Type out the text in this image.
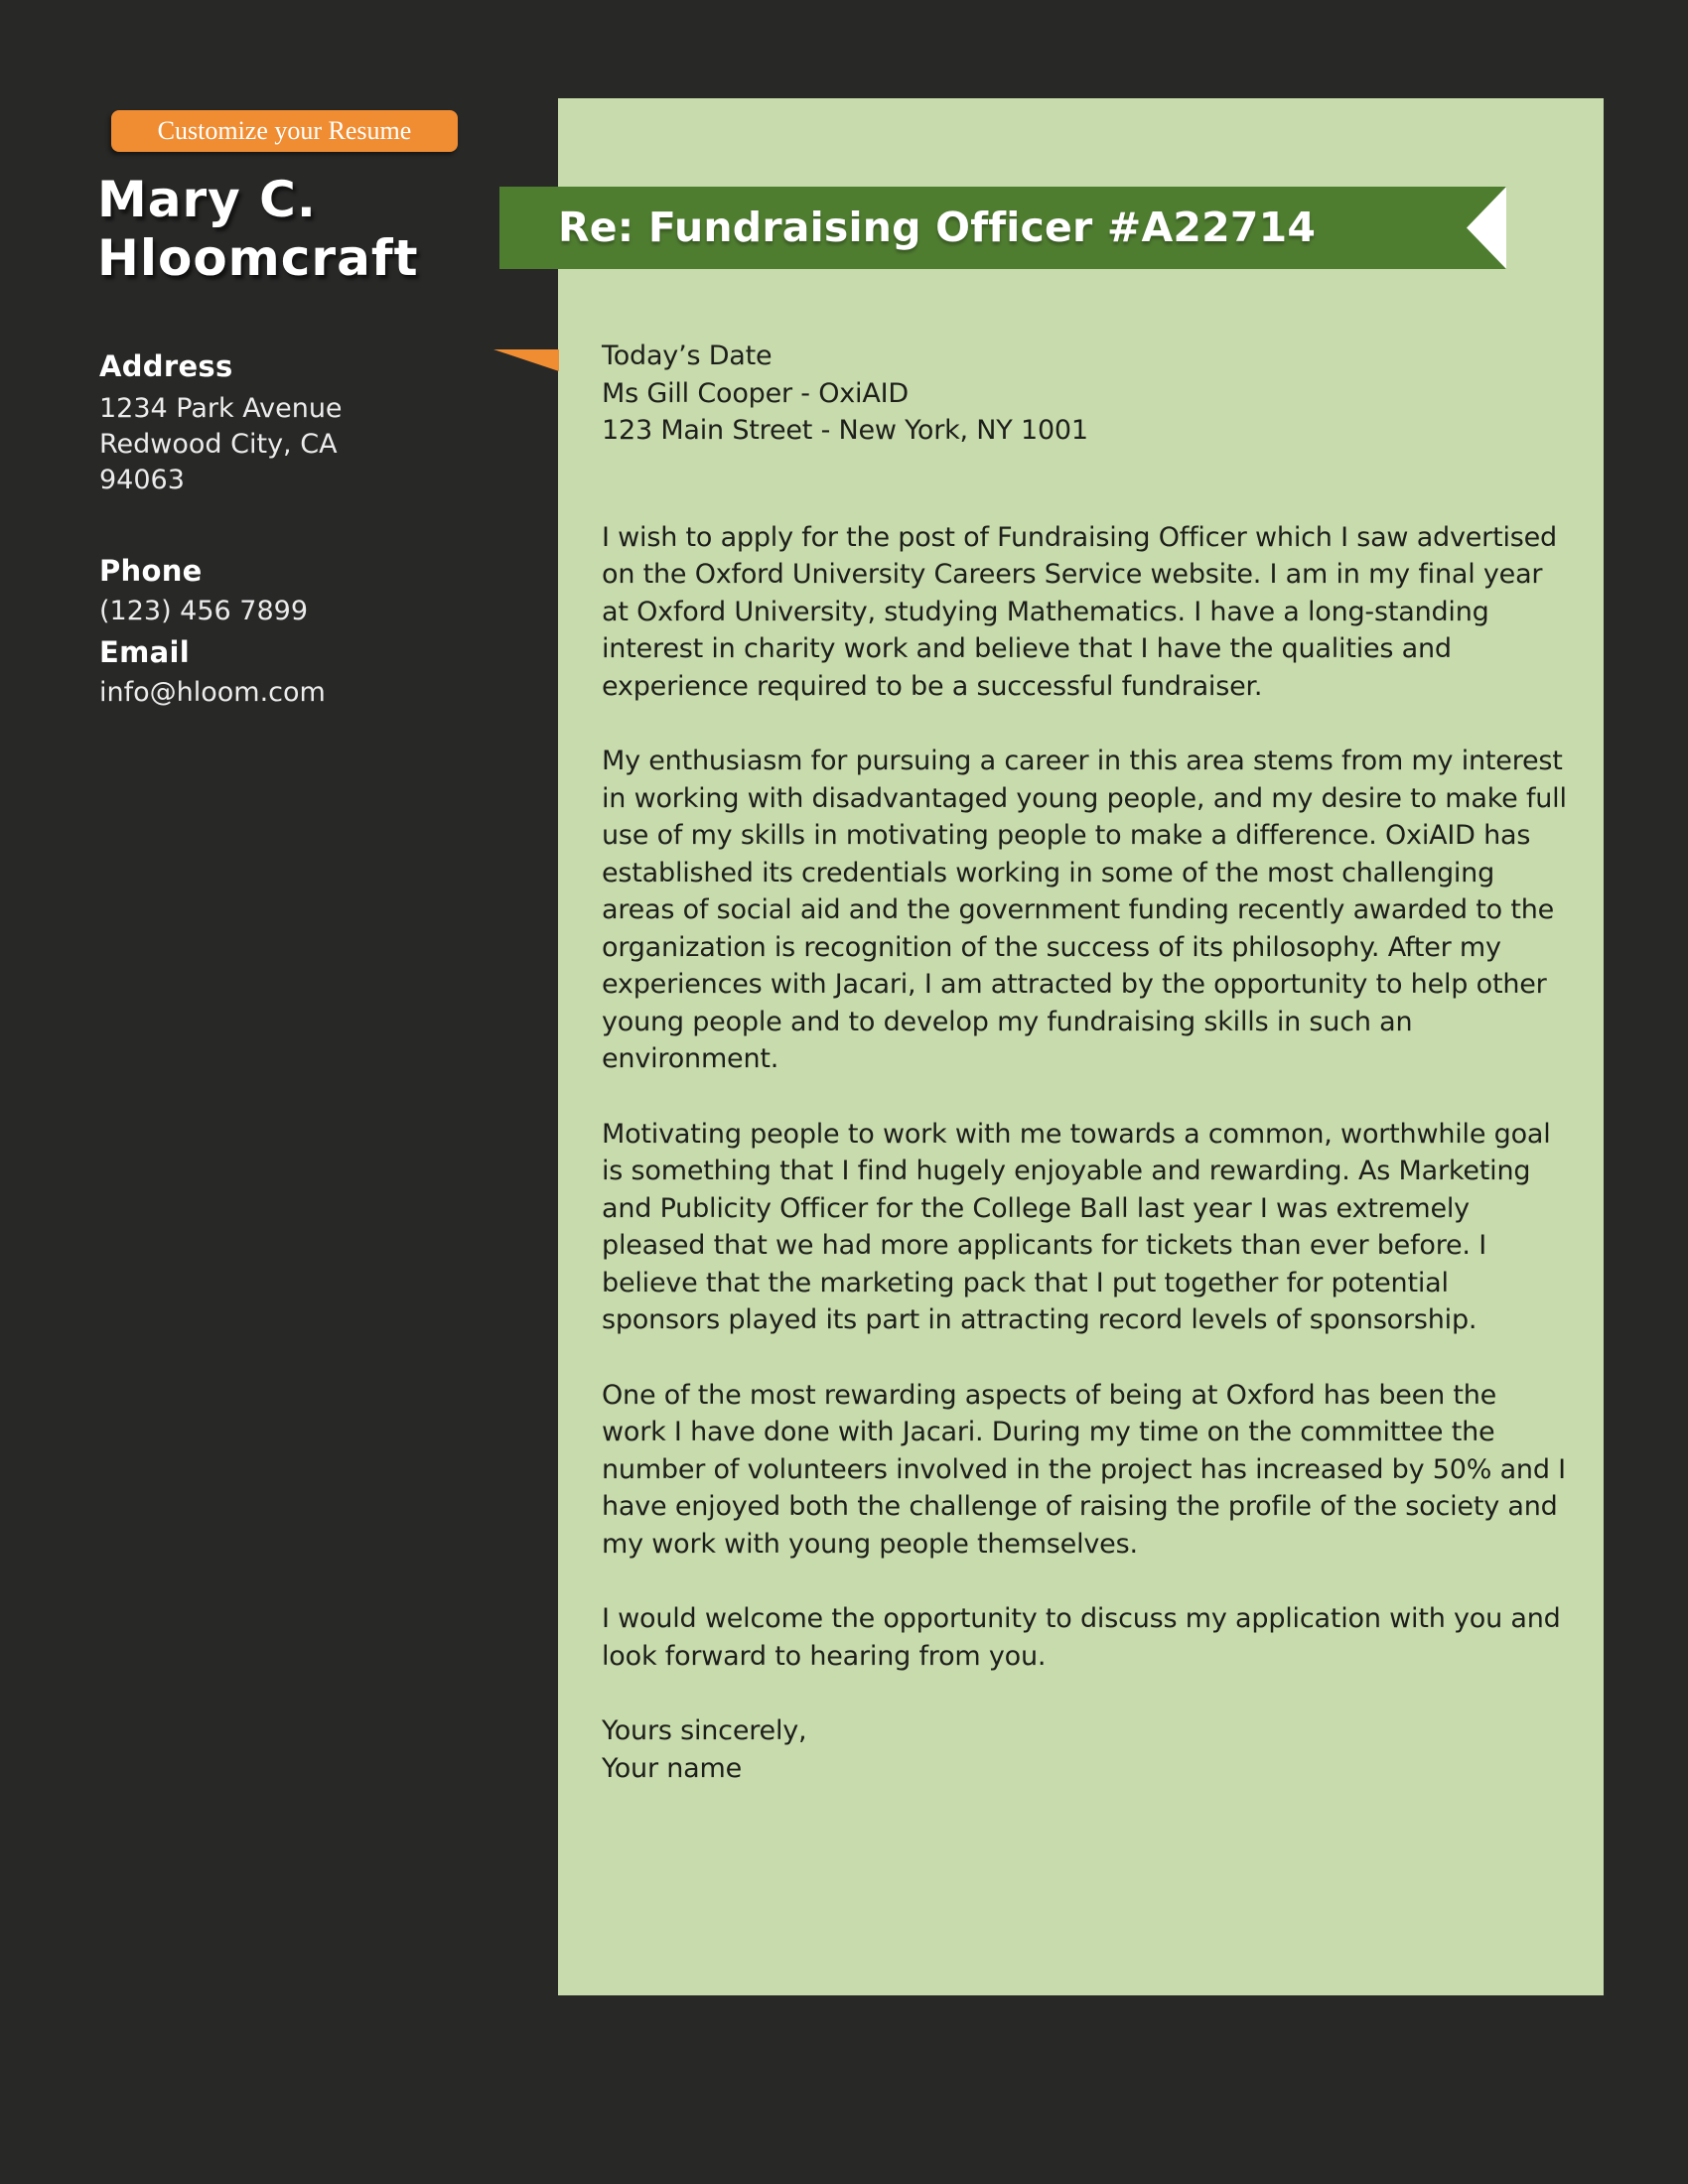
Customize your Resume
Mary C.
Hloomcraft
Address
1234 Park Avenue
Redwood City, CA
94063
Phone
(123) 456 7899
Email
info@hloom.com
Re: Fundraising Officer #A22714
Today’s Date
Ms Gill Cooper - OxiAID
123 Main Street - New York, NY 1001

I wish to apply for the post of Fundraising Officer which I saw advertised on the Oxford University Careers Service website. I am in my final year at Oxford University, studying Mathematics. I have a long-standing interest in charity work and believe that I have the qualities and experience required to be a successful fundraiser.

My enthusiasm for pursuing a career in this area stems from my interest in working with disadvantaged young people, and my desire to make full use of my skills in motivating people to make a difference. OxiAID has established its credentials working in some of the most challenging areas of social aid and the government funding recently awarded to the organization is recognition of the success of its philosophy. After my experiences with Jacari, I am attracted by the opportunity to help other young people and to develop my fundraising skills in such an environment.

Motivating people to work with me towards a common, worthwhile goal is something that I find hugely enjoyable and rewarding. As Marketing and Publicity Officer for the College Ball last year I was extremely pleased that we had more applicants for tickets than ever before. I believe that the marketing pack that I put together for potential sponsors played its part in attracting record levels of sponsorship.

One of the most rewarding aspects of being at Oxford has been the work I have done with Jacari. During my time on the committee the number of volunteers involved in the project has increased by 50% and I have enjoyed both the challenge of raising the profile of the society and my work with young people themselves.

I would welcome the opportunity to discuss my application with you and look forward to hearing from you.

Yours sincerely,
Your name
